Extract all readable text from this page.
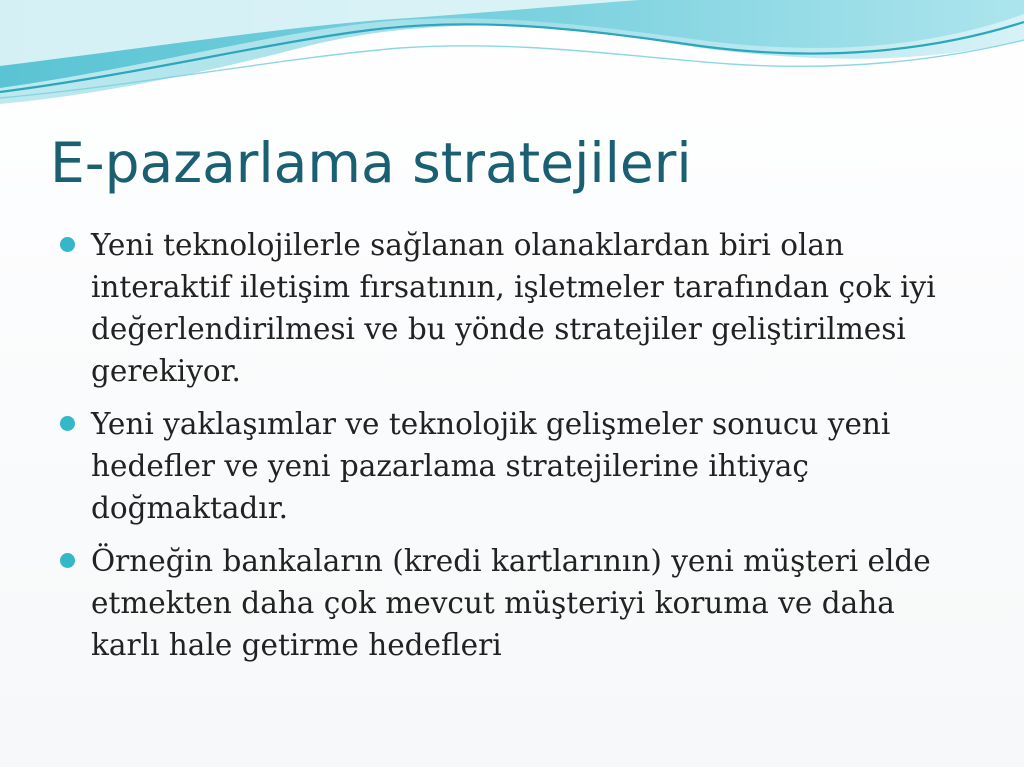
E-pazarlama stratejileri
Yeni teknolojilerle sağlanan olanaklardan biri olan interaktif iletişim fırsatının, işletmeler tarafından çok iyi değerlendirilmesi ve bu yönde stratejiler geliştirilmesi gerekiyor.
Yeni yaklaşımlar ve teknolojik gelişmeler sonucu yeni hedefler ve yeni pazarlama stratejilerine ihtiyaç doğmaktadır.
Örneğin bankaların (kredi kartlarının) yeni müşteri elde etmekten daha çok mevcut müşteriyi koruma ve daha karlı hale getirme hedefleri
